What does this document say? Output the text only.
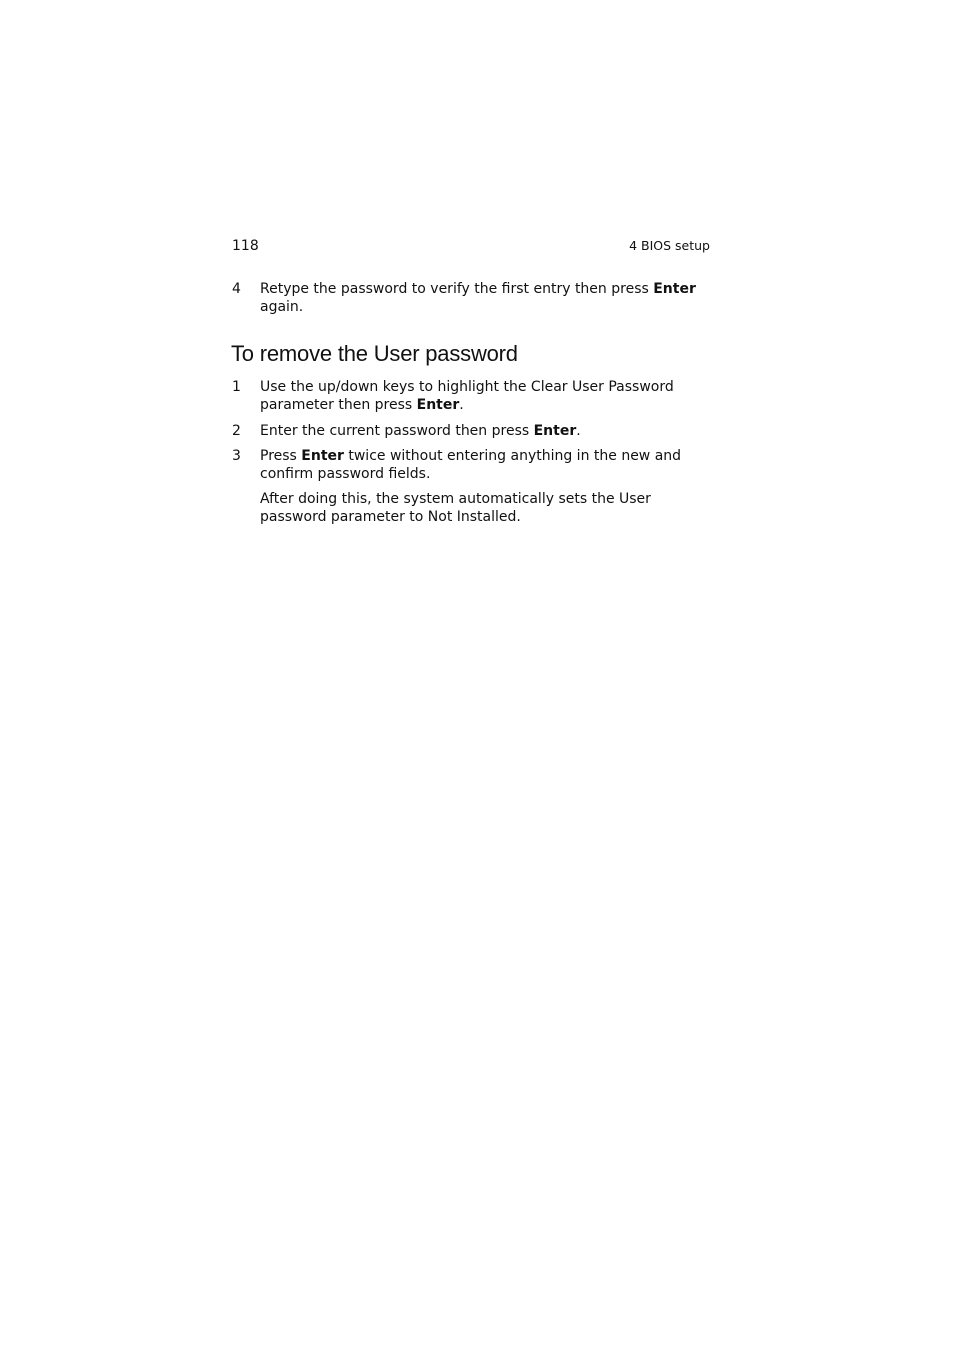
118	4 BIOS setup
4 Retype the password to verify the first entry then press Enter again.
To remove the User password
1 Use the up/down keys to highlight the Clear User Password parameter then press Enter.
2 Enter the current password then press Enter.
3 Press Enter twice without entering anything in the new and confirm password fields.
After doing this, the system automatically sets the User password parameter to Not Installed.
